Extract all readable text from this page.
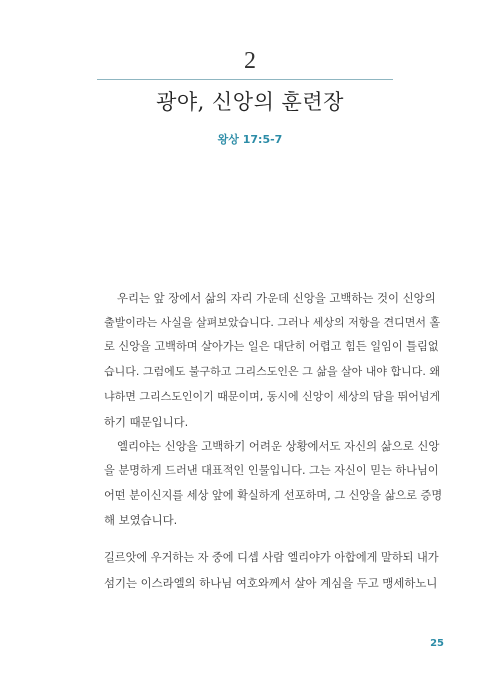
2
광야, 신앙의 훈련장
왕상 17:5-7
우리는 앞 장에서 삶의 자리 가운데 신앙을 고백하는 것이 신앙의
출발이라는 사실을 살펴보았습니다. 그러나 세상의 저항을 견디면서 홀
로 신앙을 고백하며 살아가는 일은 대단히 어렵고 힘든 일임이 틀림없
습니다. 그럼에도 불구하고 그리스도인은 그 삶을 살아 내야 합니다. 왜
냐하면 그리스도인이기 때문이며, 동시에 신앙이 세상의 담을 뛰어넘게
하기 때문입니다.
엘리야는 신앙을 고백하기 어려운 상황에서도 자신의 삶으로 신앙
을 분명하게 드러낸 대표적인 인물입니다. 그는 자신이 믿는 하나님이
어떤 분이신지를 세상 앞에 확실하게 선포하며, 그 신앙을 삶으로 증명
해 보였습니다.
길르앗에 우거하는 자 중에 디셉 사람 엘리야가 아합에게 말하되 내가
섬기는 이스라엘의 하나님 여호와께서 살아 계심을 두고 맹세하노니
25
